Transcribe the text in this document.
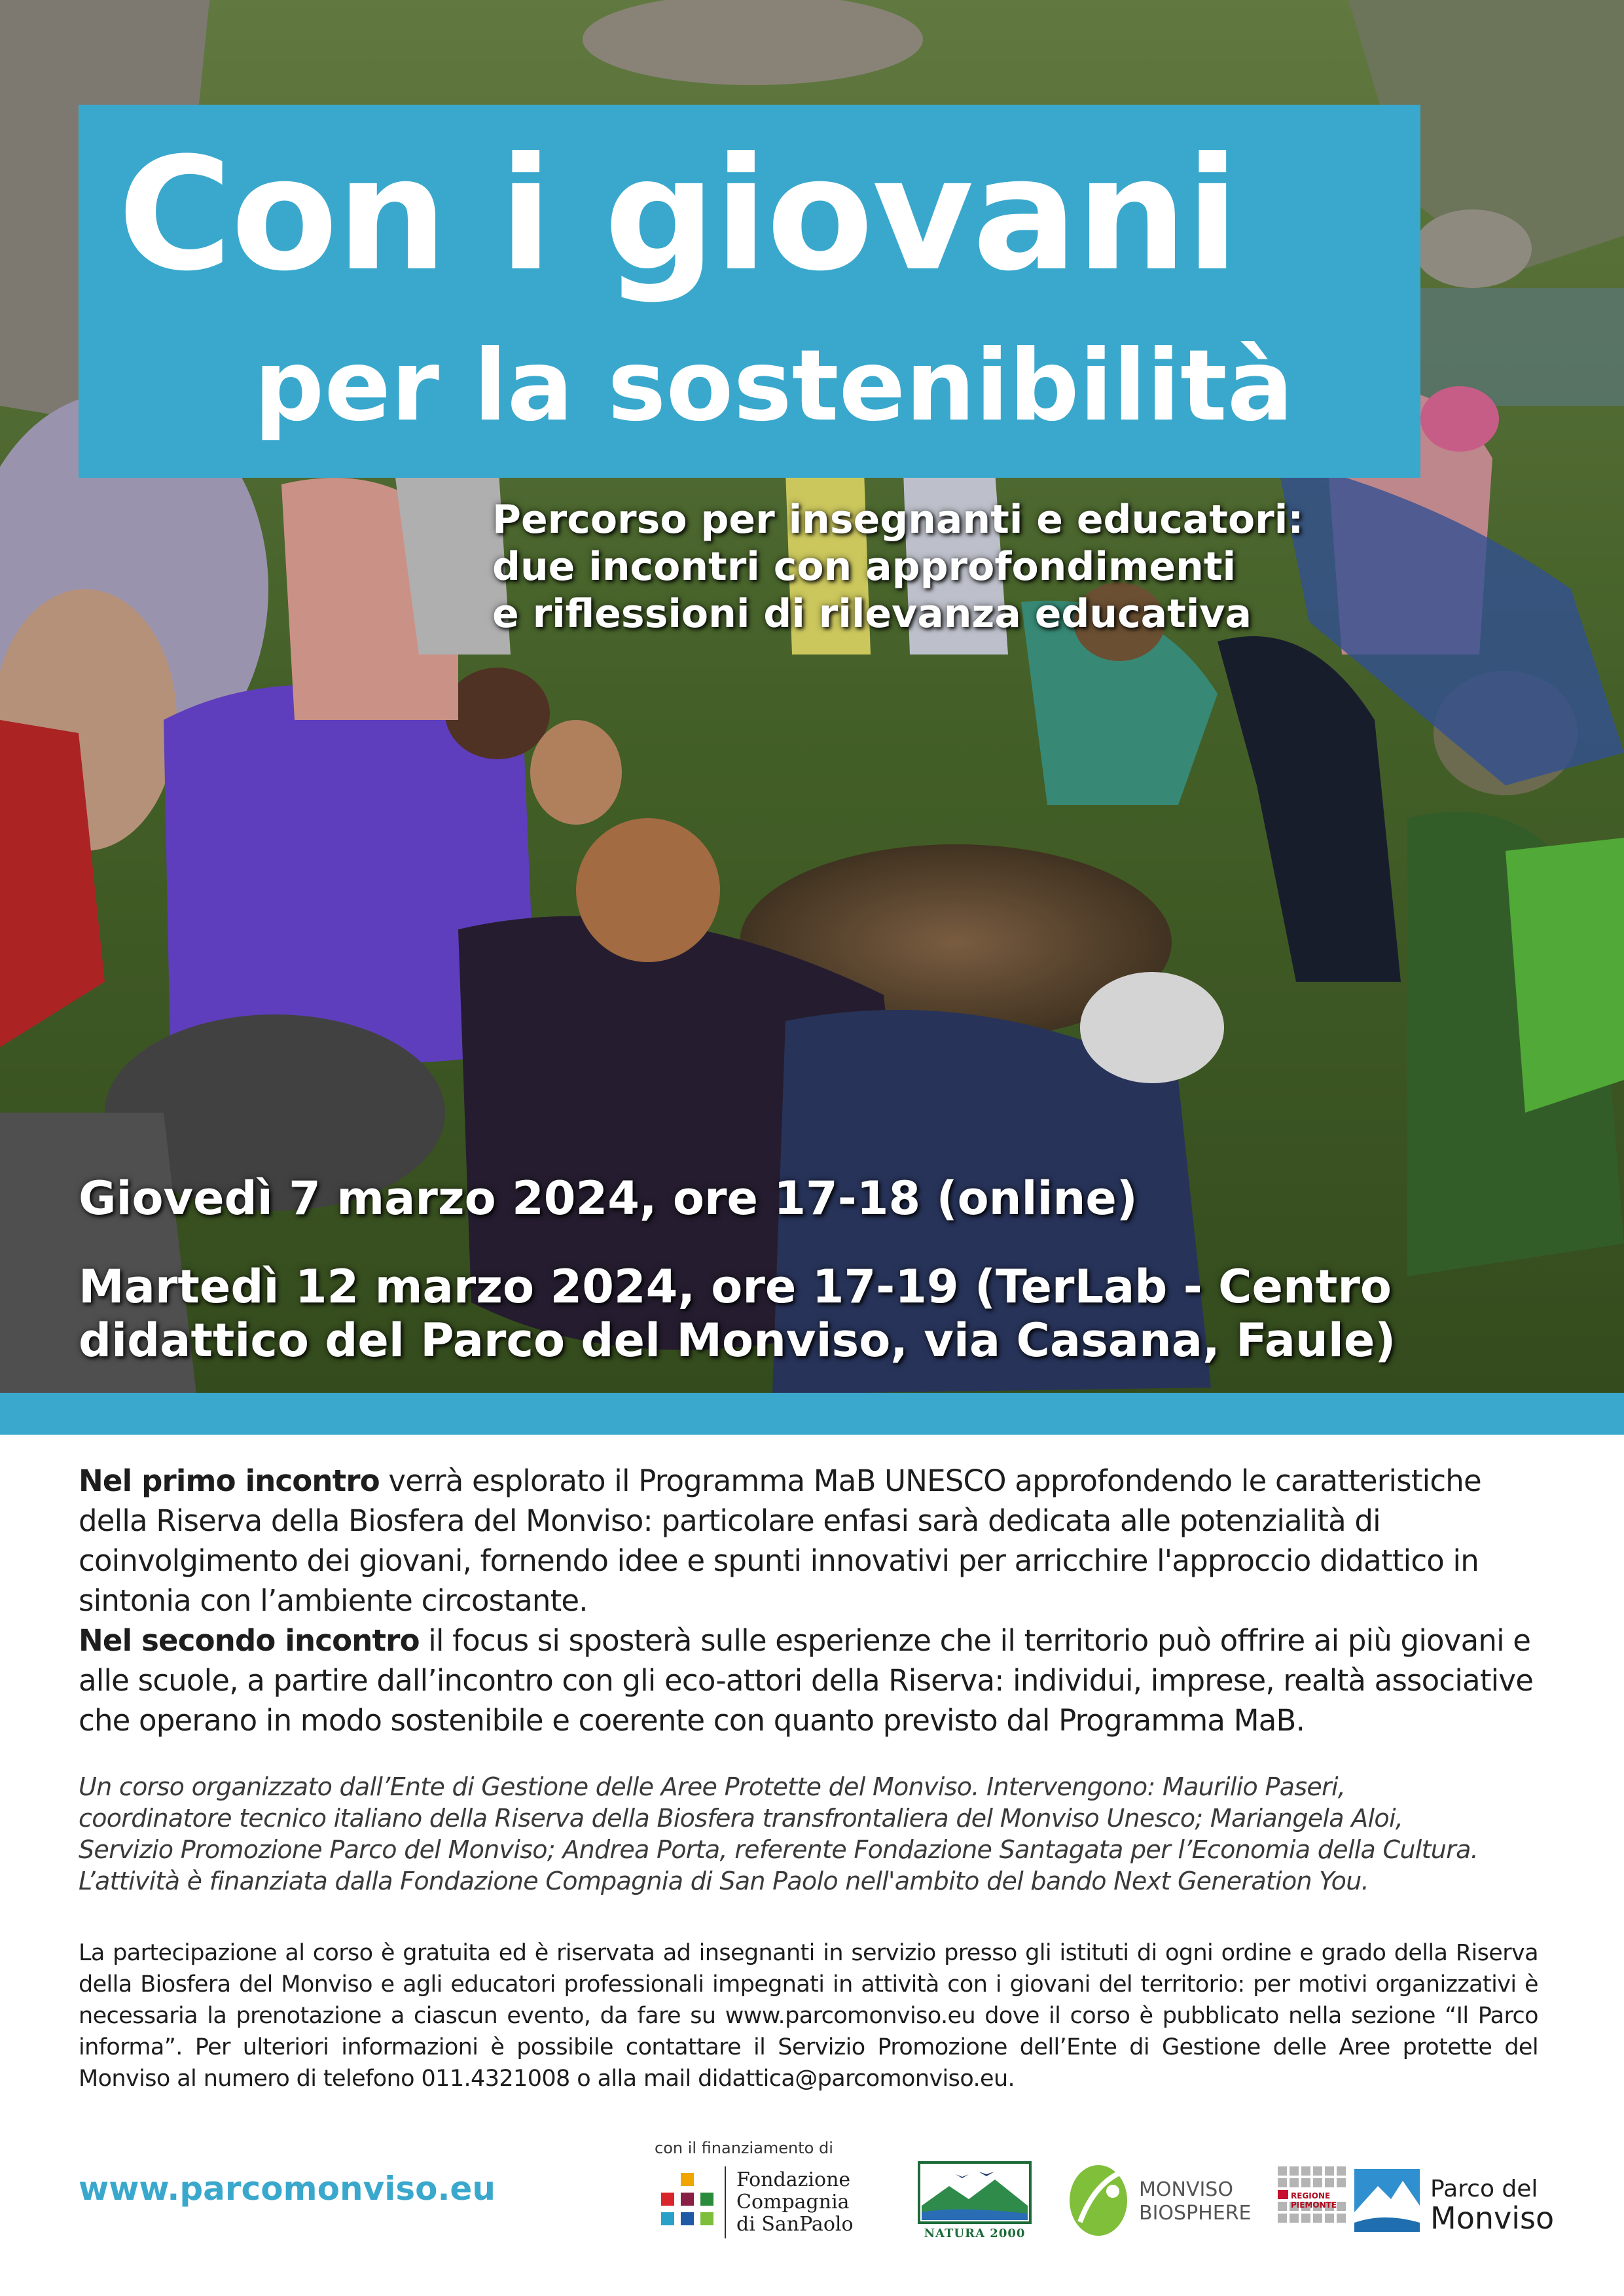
Con i giovani
per la sostenibilità
Percorso per insegnanti e educatori:
due incontri con approfondimenti
e riflessioni di rilevanza educativa
Giovedì 7 marzo 2024, ore 17-18 (online)
Martedì 12 marzo 2024, ore 17-19 (TerLab - Centro
didattico del Parco del Monviso, via Casana, Faule)

Nel primo incontro verrà esplorato il Programma MaB UNESCO approfondendo le caratteristiche della Riserva della Biosfera del Monviso: particolare enfasi sarà dedicata alle potenzialità di coinvolgimento dei giovani, fornendo idee e spunti innovativi per arricchire l'approccio didattico in sintonia con l’ambiente circostante.

Nel secondo incontro il focus si sposterà sulle esperienze che il territorio può offrire ai più giovani e alle scuole, a partire dall’incontro con gli eco-attori della Riserva: individui, imprese, realtà associative che operano in modo sostenibile e coerente con quanto previsto dal Programma MaB.

Un corso organizzato dall’Ente di Gestione delle Aree Protette del Monviso. Intervengono: Maurilio Paseri,

coordinatore tecnico italiano della Riserva della Biosfera transfrontaliera del Monviso Unesco; Mariangela Aloi,

Servizio Promozione Parco del Monviso; Andrea Porta, referente Fondazione Santagata per l’Economia della Cultura.

L’attività è finanziata dalla Fondazione Compagnia di San Paolo nell'ambito del bando Next Generation You.

La partecipazione al corso è gratuita ed è riservata ad insegnanti in servizio presso gli istituti di ogni ordine e grado della Riserva della Biosfera del Monviso e agli educatori professionali impegnati in attività con i giovani del territorio: per motivi organizzativi è necessaria la prenotazione a ciascun evento, da fare su www.parcomonviso.eu dove il corso è pubblicato nella sezione “Il Parco informa”. Per ulteriori informazioni è possibile contattare il Servizio Promozione dell’Ente di Gestione delle Aree protette del Monviso al numero di telefono 011.4321008 o alla mail didattica@parcomonviso.eu.

www.parcomonviso.eu
con il finanziamento di
Fondazione
Compagnia
di SanPaolo	NATURA 2000
MONVISO
BIOSPHERE
REGIONE
PIEMONTE
Parco del
Monviso
